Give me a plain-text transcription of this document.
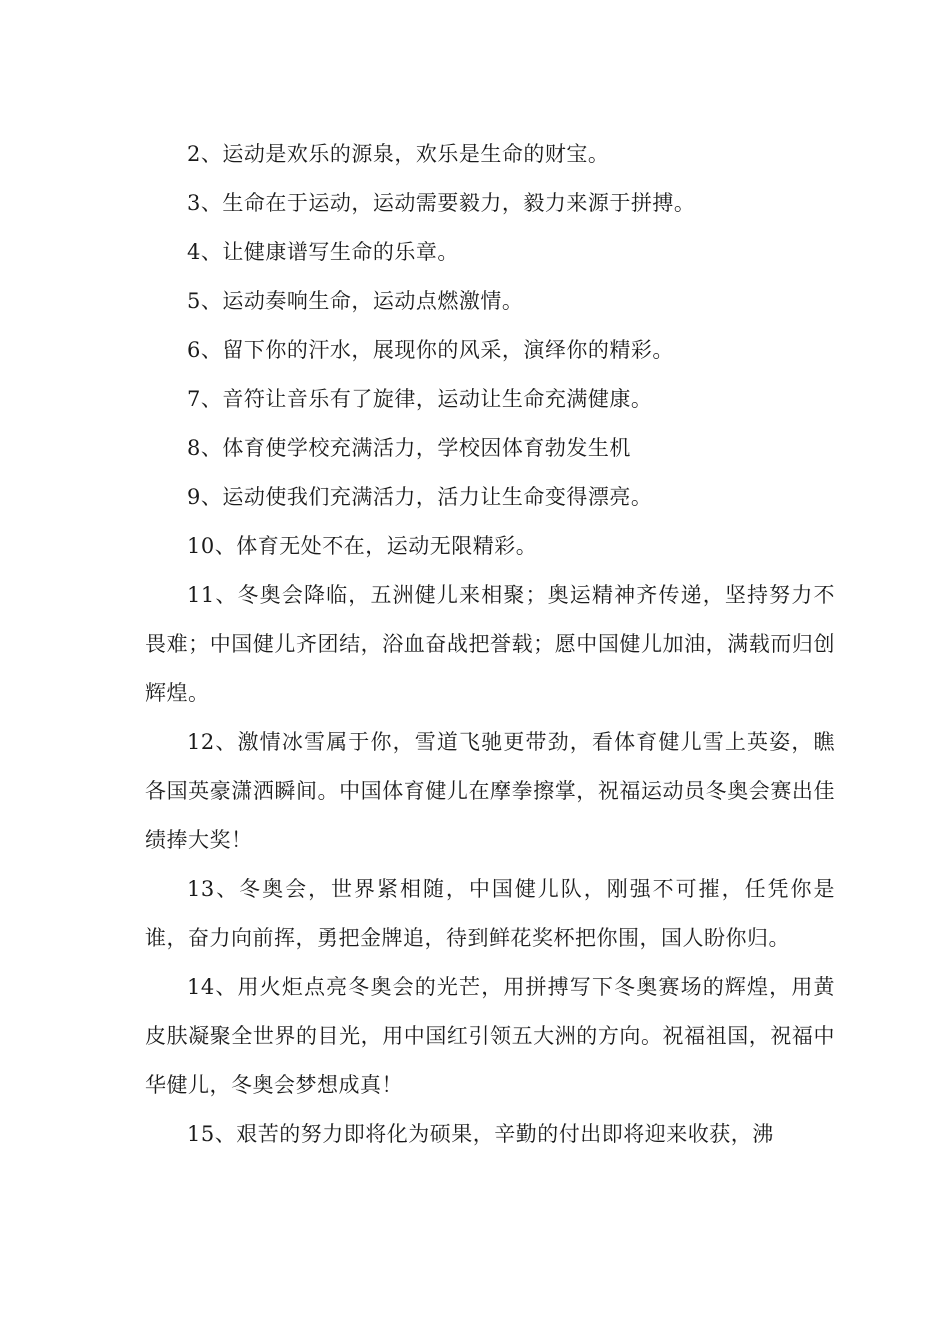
2、运动是欢乐的源泉，欢乐是生命的财宝。

3、生命在于运动，运动需要毅力，毅力来源于拼搏。

4、让健康谱写生命的乐章。

5、运动奏响生命，运动点燃激情。

6、留下你的汗水，展现你的风采，演绎你的精彩。

7、音符让音乐有了旋律，运动让生命充满健康。

8、体育使学校充满活力，学校因体育勃发生机

9、运动使我们充满活力，活力让生命变得漂亮。

10、体育无处不在，运动无限精彩。

11、冬奥会降临，五洲健儿来相聚；奥运精神齐传递，坚持努力不畏难；中国健儿齐团结，浴血奋战把誉载；愿中国健儿加油，满载而归创辉煌。

12、激情冰雪属于你，雪道飞驰更带劲，看体育健儿雪上英姿，瞧各国英豪潇洒瞬间。中国体育健儿在摩拳擦掌，祝福运动员冬奥会赛出佳绩捧大奖！

13、冬奥会，世界紧相随，中国健儿队，刚强不可摧，任凭你是谁，奋力向前挥，勇把金牌追，待到鲜花奖杯把你围，国人盼你归。

14、用火炬点亮冬奥会的光芒，用拼搏写下冬奥赛场的辉煌，用黄皮肤凝聚全世界的目光，用中国红引领五大洲的方向。祝福祖国，祝福中华健儿，冬奥会梦想成真！

15、艰苦的努力即将化为硕果，辛勤的付出即将迎来收获，沸
